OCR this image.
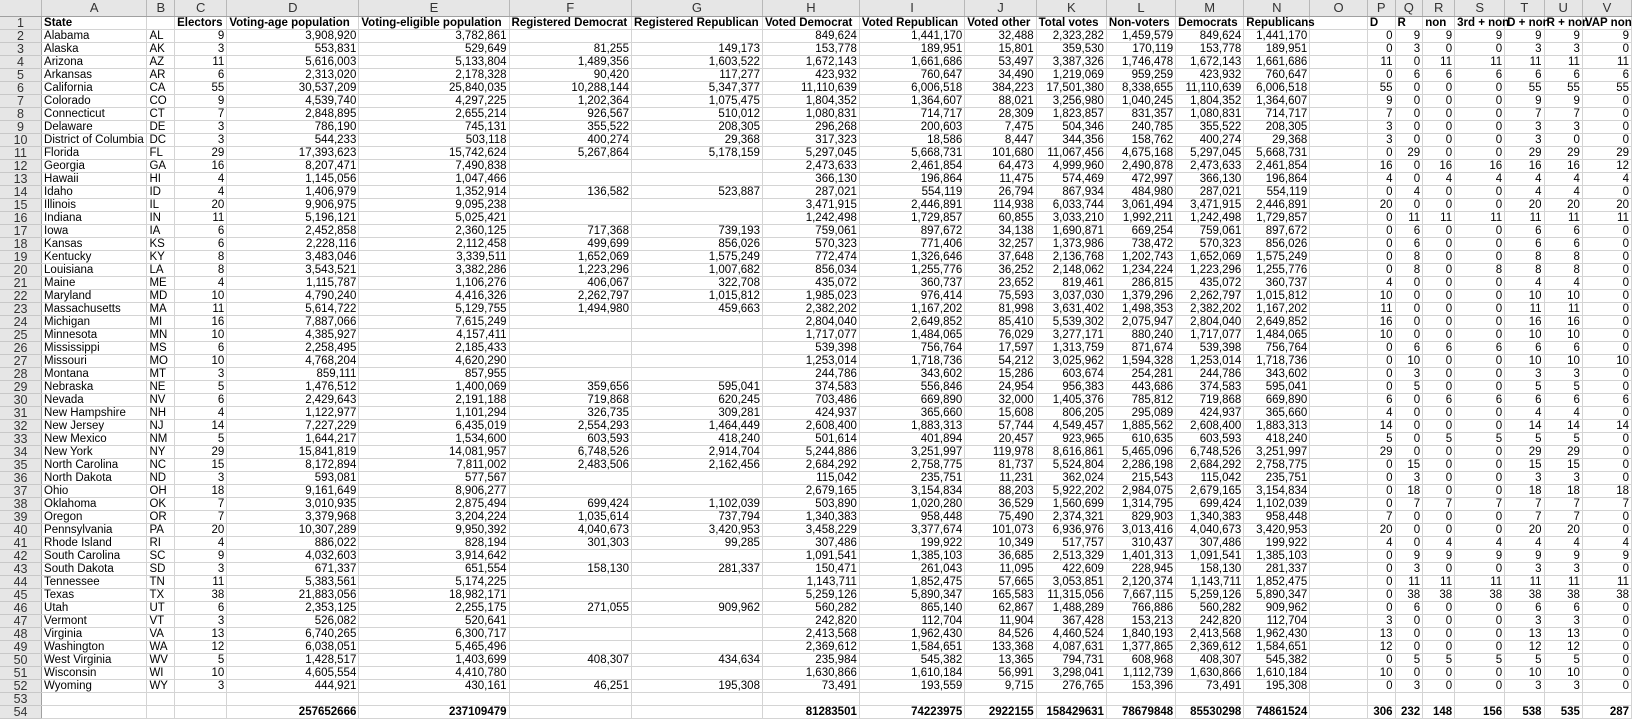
	A	B	C	D	E	F	G	H	I	J	K	L	M	N	O	P	Q	R	S	T	U	V
1	State		Electors	Voting-age population	Voting-eligible population	Registered Democrat	Registered Republican	Voted Democrat	Voted Republican	Voted other	Total votes	Non-voters	Democrats	Republicans		D	R	non	3rd + non	D + non	R + non	VAP non
2	Alabama	AL	9	3,908,920	3,782,861			849,624	1,441,170	32,488	2,323,282	1,459,579	849,624	1,441,170		0	9	9	9	9	9	9
3	Alaska	AK	3	553,831	529,649	81,255	149,173	153,778	189,951	15,801	359,530	170,119	153,778	189,951		0	3	0	0	3	3	0
4	Arizona	AZ	11	5,616,003	5,133,804	1,489,356	1,603,522	1,672,143	1,661,686	53,497	3,387,326	1,746,478	1,672,143	1,661,686		11	0	11	11	11	11	11
5	Arkansas	AR	6	2,313,020	2,178,328	90,420	117,277	423,932	760,647	34,490	1,219,069	959,259	423,932	760,647		0	6	6	6	6	6	6
6	California	CA	55	30,537,209	25,840,035	10,288,144	5,347,377	11,110,639	6,006,518	384,223	17,501,380	8,338,655	11,110,639	6,006,518		55	0	0	0	55	55	55
7	Colorado	CO	9	4,539,740	4,297,225	1,202,364	1,075,475	1,804,352	1,364,607	88,021	3,256,980	1,040,245	1,804,352	1,364,607		9	0	0	0	9	9	0
8	Connecticut	CT	7	2,848,895	2,655,214	926,567	510,012	1,080,831	714,717	28,309	1,823,857	831,357	1,080,831	714,717		7	0	0	0	7	7	0
9	Delaware	DE	3	786,190	745,131	355,522	208,305	296,268	200,603	7,475	504,346	240,785	355,522	208,305		3	0	0	0	3	3	0
10	District of Columbia	DC	3	544,233	503,118	400,274	29,368	317,323	18,586	8,447	344,356	158,762	400,274	29,368		3	0	0	0	3	0	0
11	Florida	FL	29	17,393,623	15,742,624	5,267,864	5,178,159	5,297,045	5,668,731	101,680	11,067,456	4,675,168	5,297,045	5,668,731		0	29	0	0	29	29	29
12	Georgia	GA	16	8,207,471	7,490,838			2,473,633	2,461,854	64,473	4,999,960	2,490,878	2,473,633	2,461,854		16	0	16	16	16	16	12
13	Hawaii	HI	4	1,145,056	1,047,466			366,130	196,864	11,475	574,469	472,997	366,130	196,864		4	0	4	4	4	4	4
14	Idaho	ID	4	1,406,979	1,352,914	136,582	523,887	287,021	554,119	26,794	867,934	484,980	287,021	554,119		0	4	0	0	4	4	0
15	Illinois	IL	20	9,906,975	9,095,238			3,471,915	2,446,891	114,938	6,033,744	3,061,494	3,471,915	2,446,891		20	0	0	0	20	20	20
16	Indiana	IN	11	5,196,121	5,025,421			1,242,498	1,729,857	60,855	3,033,210	1,992,211	1,242,498	1,729,857		0	11	11	11	11	11	11
17	Iowa	IA	6	2,452,858	2,360,125	717,368	739,193	759,061	897,672	34,138	1,690,871	669,254	759,061	897,672		0	6	0	0	6	6	0
18	Kansas	KS	6	2,228,116	2,112,458	499,699	856,026	570,323	771,406	32,257	1,373,986	738,472	570,323	856,026		0	6	0	0	6	6	0
19	Kentucky	KY	8	3,483,046	3,339,511	1,652,069	1,575,249	772,474	1,326,646	37,648	2,136,768	1,202,743	1,652,069	1,575,249		0	8	0	0	8	8	0
20	Louisiana	LA	8	3,543,521	3,382,286	1,223,296	1,007,682	856,034	1,255,776	36,252	2,148,062	1,234,224	1,223,296	1,255,776		0	8	0	8	8	8	0
21	Maine	ME	4	1,115,787	1,106,276	406,067	322,708	435,072	360,737	23,652	819,461	286,815	435,072	360,737		4	0	0	0	4	4	0
22	Maryland	MD	10	4,790,240	4,416,326	2,262,797	1,015,812	1,985,023	976,414	75,593	3,037,030	1,379,296	2,262,797	1,015,812		10	0	0	0	10	10	0
23	Massachusetts	MA	11	5,614,722	5,129,755	1,494,980	459,663	2,382,202	1,167,202	81,998	3,631,402	1,498,353	2,382,202	1,167,202		11	0	0	0	11	11	0
24	Michigan	MI	16	7,887,066	7,615,249			2,804,040	2,649,852	85,410	5,539,302	2,075,947	2,804,040	2,649,852		16	0	0	0	16	16	0
25	Minnesota	MN	10	4,385,927	4,157,411			1,717,077	1,484,065	76,029	3,277,171	880,240	1,717,077	1,484,065		10	0	0	0	10	10	0
26	Mississippi	MS	6	2,258,495	2,185,433			539,398	756,764	17,597	1,313,759	871,674	539,398	756,764		0	6	6	6	6	6	0
27	Missouri	MO	10	4,768,204	4,620,290			1,253,014	1,718,736	54,212	3,025,962	1,594,328	1,253,014	1,718,736		0	10	0	0	10	10	10
28	Montana	MT	3	859,111	857,955			244,786	343,602	15,286	603,674	254,281	244,786	343,602		0	3	0	0	3	3	0
29	Nebraska	NE	5	1,476,512	1,400,069	359,656	595,041	374,583	556,846	24,954	956,383	443,686	374,583	595,041		0	5	0	0	5	5	0
30	Nevada	NV	6	2,429,643	2,191,188	719,868	620,245	703,486	669,890	32,000	1,405,376	785,812	719,868	669,890		6	0	6	6	6	6	6
31	New Hampshire	NH	4	1,122,977	1,101,294	326,735	309,281	424,937	365,660	15,608	806,205	295,089	424,937	365,660		4	0	0	0	4	4	0
32	New Jersey	NJ	14	7,227,229	6,435,019	2,554,293	1,464,449	2,608,400	1,883,313	57,744	4,549,457	1,885,562	2,608,400	1,883,313		14	0	0	0	14	14	14
33	New Mexico	NM	5	1,644,217	1,534,600	603,593	418,240	501,614	401,894	20,457	923,965	610,635	603,593	418,240		5	0	5	5	5	5	0
34	New York	NY	29	15,841,819	14,081,957	6,748,526	2,914,704	5,244,886	3,251,997	119,978	8,616,861	5,465,096	6,748,526	3,251,997		29	0	0	0	29	29	0
35	North Carolina	NC	15	8,172,894	7,811,002	2,483,506	2,162,456	2,684,292	2,758,775	81,737	5,524,804	2,286,198	2,684,292	2,758,775		0	15	0	0	15	15	0
36	North Dakota	ND	3	593,081	577,567			115,042	235,751	11,231	362,024	215,543	115,042	235,751		0	3	0	0	3	3	0
37	Ohio	OH	18	9,161,649	8,906,277			2,679,165	3,154,834	88,203	5,922,202	2,984,075	2,679,165	3,154,834		0	18	0	0	18	18	18
38	Oklahoma	OK	7	3,010,935	2,875,494	699,424	1,102,039	503,890	1,020,280	36,529	1,560,699	1,314,795	699,424	1,102,039		0	7	7	7	7	7	7
39	Oregon	OR	7	3,379,968	3,204,224	1,035,614	737,794	1,340,383	958,448	75,490	2,374,321	829,903	1,340,383	958,448		7	0	0	0	7	7	0
40	Pennsylvania	PA	20	10,307,289	9,950,392	4,040,673	3,420,953	3,458,229	3,377,674	101,073	6,936,976	3,013,416	4,040,673	3,420,953		20	0	0	0	20	20	0
41	Rhode Island	RI	4	886,022	828,194	301,303	99,285	307,486	199,922	10,349	517,757	310,437	307,486	199,922		4	0	4	4	4	4	4
42	South Carolina	SC	9	4,032,603	3,914,642			1,091,541	1,385,103	36,685	2,513,329	1,401,313	1,091,541	1,385,103		0	9	9	9	9	9	9
43	South Dakota	SD	3	671,337	651,554	158,130	281,337	150,471	261,043	11,095	422,609	228,945	158,130	281,337		0	3	0	0	3	3	0
44	Tennessee	TN	11	5,383,561	5,174,225			1,143,711	1,852,475	57,665	3,053,851	2,120,374	1,143,711	1,852,475		0	11	11	11	11	11	11
45	Texas	TX	38	21,883,056	18,982,171			5,259,126	5,890,347	165,583	11,315,056	7,667,115	5,259,126	5,890,347		0	38	38	38	38	38	38
46	Utah	UT	6	2,353,125	2,255,175	271,055	909,962	560,282	865,140	62,867	1,488,289	766,886	560,282	909,962		0	6	0	0	6	6	0
47	Vermont	VT	3	526,082	520,641			242,820	112,704	11,904	367,428	153,213	242,820	112,704		3	0	0	0	3	3	0
48	Virginia	VA	13	6,740,265	6,300,717			2,413,568	1,962,430	84,526	4,460,524	1,840,193	2,413,568	1,962,430		13	0	0	0	13	13	0
49	Washington	WA	12	6,038,051	5,465,496			2,369,612	1,584,651	133,368	4,087,631	1,377,865	2,369,612	1,584,651		12	0	0	0	12	12	0
50	West Virginia	WV	5	1,428,517	1,403,699	408,307	434,634	235,984	545,382	13,365	794,731	608,968	408,307	545,382		0	5	5	5	5	5	0
51	Wisconsin	WI	10	4,605,554	4,410,780			1,630,866	1,610,184	56,991	3,298,041	1,112,739	1,630,866	1,610,184		10	0	0	0	10	10	0
52	Wyoming	WY	3	444,921	430,161	46,251	195,308	73,491	193,559	9,715	276,765	153,396	73,491	195,308		0	3	0	0	3	3	0
53																						
54				257652666	237109479			81283501	74223975	2922155	158429631	78679848	85530298	74861524		306	232	148	156	538	535	287
